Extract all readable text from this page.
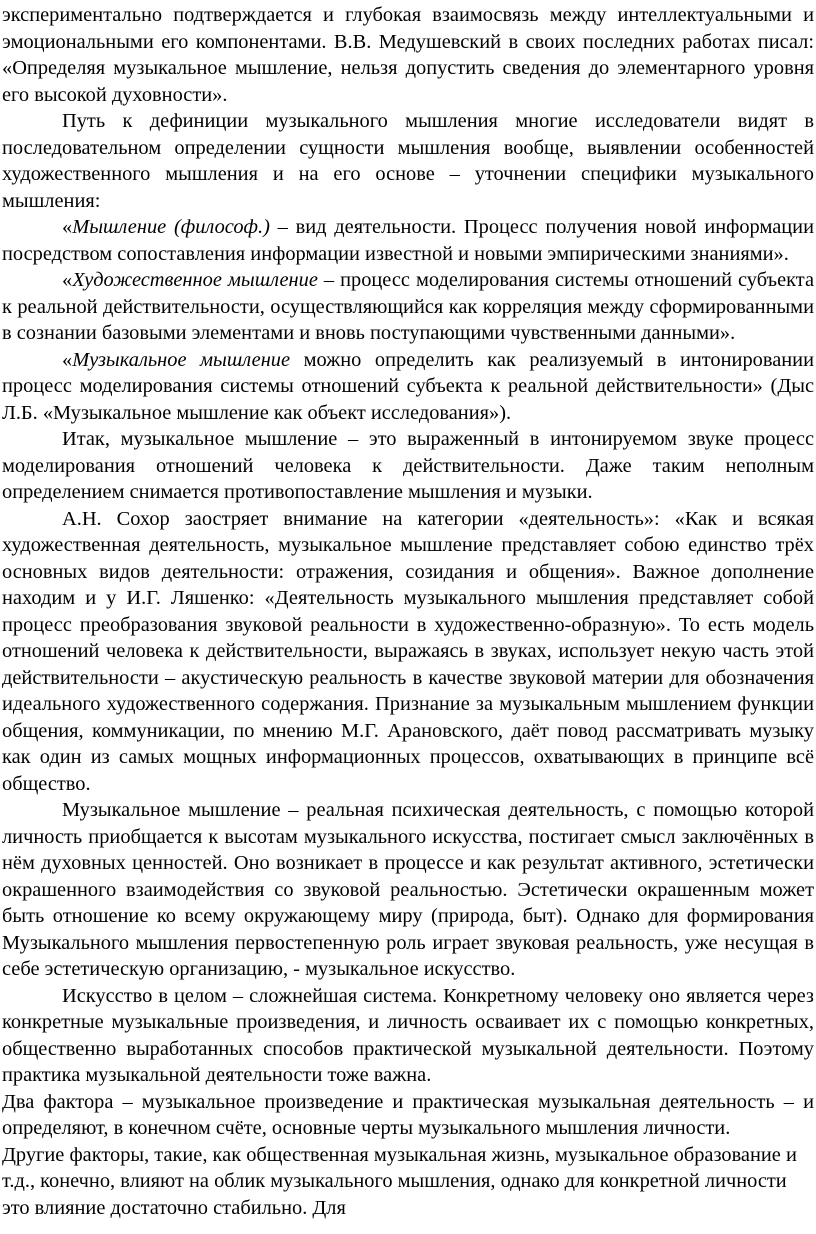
экспериментально подтверждается и глубокая взаимосвязь между интеллектуальными и эмоциональными его компонентами. В.В. Медушевский в своих последних работах писал: «Определяя музыкальное мышление, нельзя допустить сведения до элементарного уровня его высокой духовности».

Путь к дефиниции музыкального мышления многие исследователи видят в последовательном определении сущности мышления вообще, выявлении особенностей художественного мышления и на его основе – уточнении специфики музыкального мышления:

«Мышление (философ.) – вид деятельности. Процесс получения новой информации посредством сопоставления информации известной и новыми эмпирическими знаниями».

«Художественное мышление – процесс моделирования системы отношений субъекта к реальной действительности, осуществляющийся как корреляция между сформированными в сознании базовыми элементами и вновь поступающими чувственными данными».

«Музыкальное мышление можно определить как реализуемый в интонировании процесс моделирования системы отношений субъекта к реальной действительности» (Дыс Л.Б. «Музыкальное мышление как объект исследования»).

Итак, музыкальное мышление – это выраженный в интонируемом звуке процесс моделирования отношений человека к действительности. Даже таким неполным определением снимается противопоставление мышления и музыки.

А.Н. Сохор заостряет внимание на категории «деятельность»: «Как и всякая художественная деятельность, музыкальное мышление представляет собою единство трёх основных видов деятельности: отражения, созидания и общения». Важное дополнение находим и у И.Г. Ляшенко: «Деятельность музыкального мышления представляет собой процесс преобразования звуковой реальности в художественно-образную». То есть модель отношений человека к действительности, выражаясь в звуках, использует некую часть этой действительности – акустическую реальность в качестве звуковой материи для обозначения идеального художественного содержания. Признание за музыкальным мышлением функции общения, коммуникации, по мнению М.Г. Арановского, даёт повод рассматривать музыку как один из самых мощных информационных процессов, охватывающих в принципе всё общество.

Музыкальное мышление – реальная психическая деятельность, с помощью которой личность приобщается к высотам музыкального искусства, постигает смысл заключённых в нём духовных ценностей. Оно возникает в процессе и как результат активного, эстетически окрашенного взаимодействия со звуковой реальностью. Эстетически окрашенным может быть отношение ко всему окружающему миру (природа, быт). Однако для формирования Музыкального мышления первостепенную роль играет звуковая реальность, уже несущая в себе эстетическую организацию, - музыкальное искусство.

Искусство в целом – сложнейшая система. Конкретному человеку оно является через конкретные музыкальные произведения, и личность осваивает их с помощью конкретных, общественно выработанных способов практической музыкальной деятельности. Поэтому практика музыкальной деятельности тоже важна.

Два фактора – музыкальное произведение и практическая музыкальная деятельность – и определяют, в конечном счёте, основные черты музыкального мышления личности.

Другие факторы, такие, как общественная музыкальная жизнь, музыкальное образование и т.д., конечно, влияют на облик музыкального мышления, однако для конкретной личности это влияние достаточно стабильно. Для
